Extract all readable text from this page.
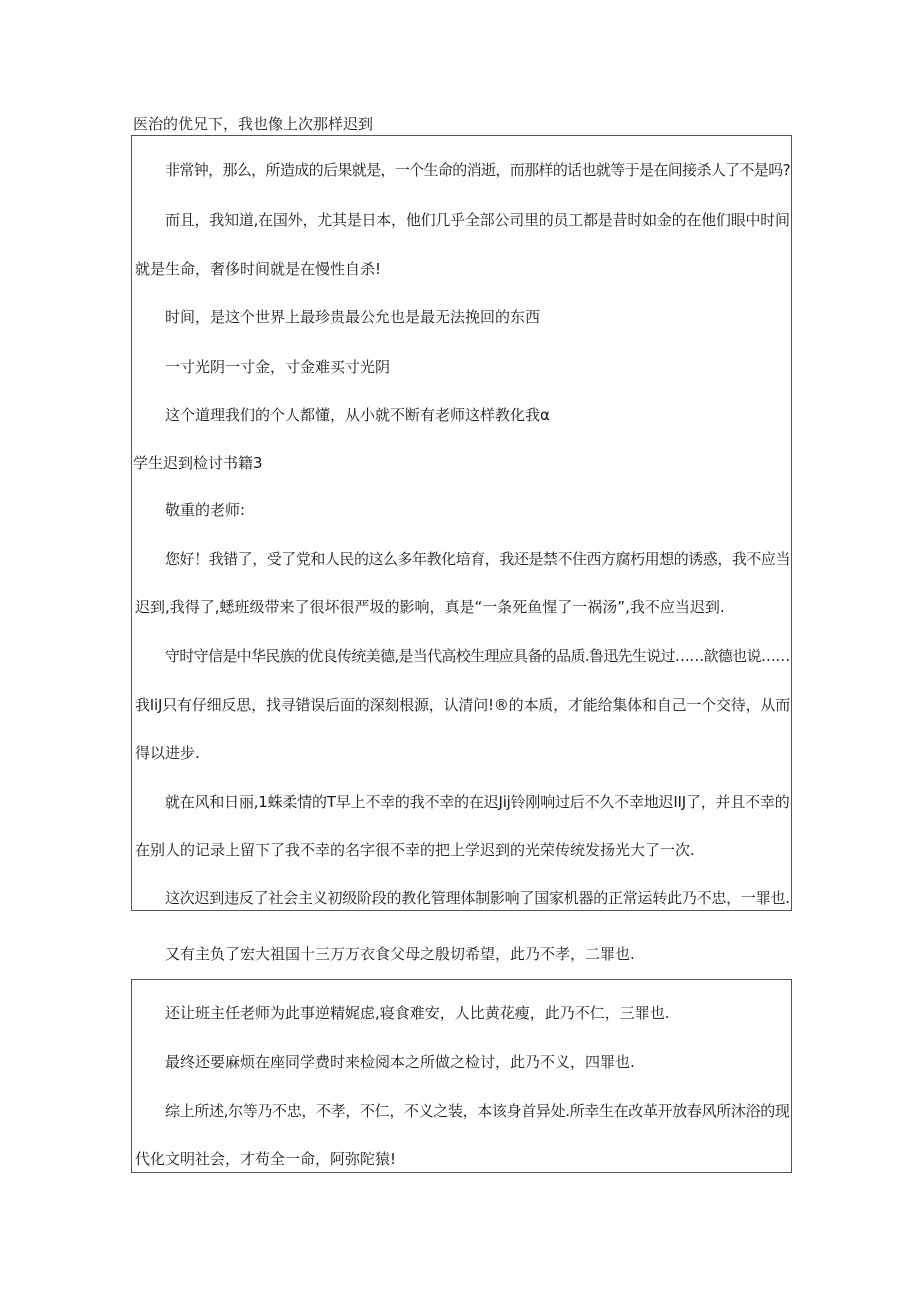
医治的优兄下，我也像上次那样迟到
非常钟，那么，所造成的后果就是，一个生命的消逝，而那样的话也就等于是在间接杀人了不是吗?
而且，我知道,在国外，尤其是日本，他们几乎全部公司里的员工都是昔时如金的在他们眼中时间
就是生命，奢侈时间就是在慢性自杀!
时间，是这个世界上最珍贵最公允也是最无法挽回的东西
一寸光阴一寸金，寸金难买寸光阴
这个道理我们的个人都懂，从小就不断有老师这样教化我α
学生迟到检讨书籍3
敬重的老师:
您好！我错了，受了党和人民的这么多年教化培育，我还是禁不住西方腐朽用想的诱惑，我不应当
迟到,我得了,蟋班级带来了很坏很严圾的影响，真是“一条死鱼惺了一祸汤”,我不应当迟到.
守时守信是中华民族的优良传统美德,是当代高校生理应具备的品质.鲁迅先生说过……歆德也说……
我IiJ只有仔细反思，找寻错误后面的深刻根源，认清问!®的本质，才能给集体和自己一个交待，从而
得以进步.
就在风和日丽,1蛛柔情的T早上不幸的我不幸的在迟Jij铃刚响过后不久不幸地迟IIJ了，并且不幸的
在别人的记录上留下了我不幸的名字很不幸的把上学迟到的光荣传统发扬光大了一次.
这次迟到违反了社会主义初级阶段的教化管理体制影响了国家机器的正常运转此乃不忠，一罪也.
又有主负了宏大祖国十三万万衣食父母之殷切希望，此乃不孝，二罪也.
还让班主任老师为此事逆精娓虑,寝食难安，人比黄花瘦，此乃不仁，三罪也.
最终还要麻烦在座同学费时来检阅本之所做之检讨，此乃不义，四罪也.
综上所述,尔等乃不忠，不孝，不仁，不义之装，本该身首异处.所幸生在改革开放春风所沐浴的现
代化文明社会，才苟全一命，阿弥陀猿!
